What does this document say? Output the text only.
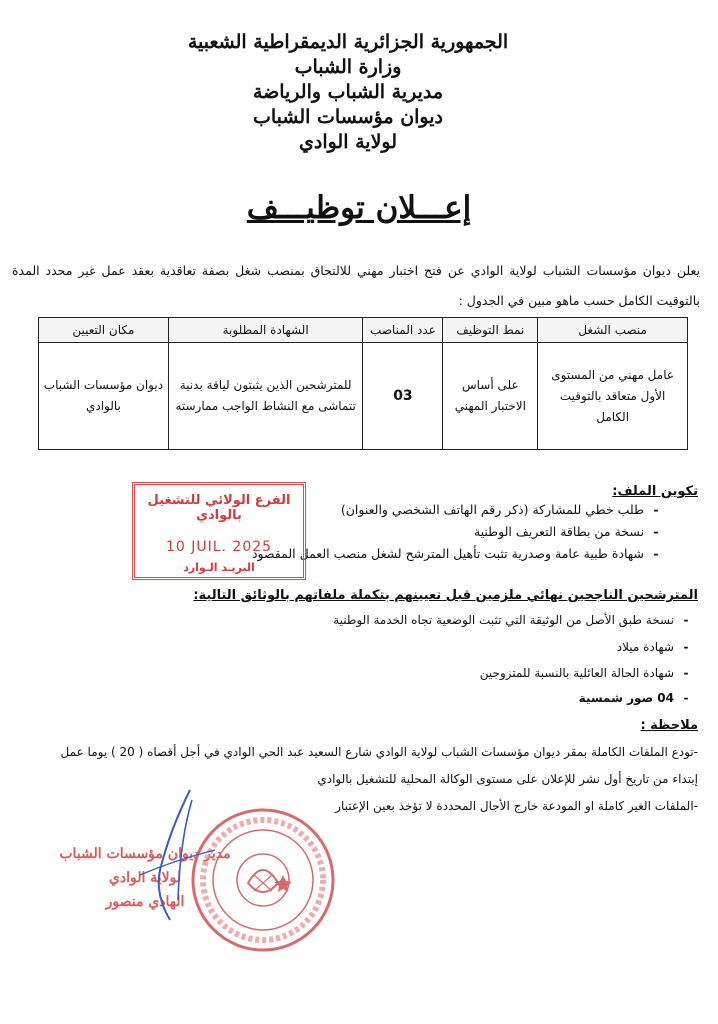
الجمهورية الجزائرية الديمقراطية الشعبية
وزارة الشباب
مديرية الشباب والرياضة
ديوان مؤسسات الشباب
لولاية الوادي
إعـــلان توظيـــف
يعلن ديوان مؤسسات الشباب لولاية الوادي عن فتح اختبار مهني للالتحاق بمنصب شغل بصفة تعاقدية بعقد عمل غير محدد المدة بالتوقيت الكامل حسب ماهو مبين في الجدول :
منصب الشغل	نمط التوظيف	عدد المناصب	الشهادة المطلوبة	مكان التعيين
عامل مهني من المستوى الأول متعاقد بالتوقيت الكامل	على أساس الاختبار المهني	03	للمترشحين الذين يثبتون لياقة بدنية تتماشى مع النشاط الواجب ممارسته	ديوان مؤسسات الشباب بالوادي
تكوين الملف:
-طلب خطي للمشاركة (ذكر رقم الهاتف الشخصي والعنوان)
-نسخة من بطاقة التعريف الوطنية
-شهادة طبية عامة وصدرية تثبت تأهيل المترشح لشغل منصب العمل المقصود
المترشحين الناجحين نهائي ملزمين قبل تعيينهم بتكملة ملفاتهم بالوثائق التالية:
-نسخة طبق الأصل من الوثيقة التي تثبت الوضعية تجاه الخدمة الوطنية
-شهادة ميلاد
-شهادة الحالة العائلية بالنسبة للمتزوجين
-04 صور شمسية
ملاحظة :
-تودع الملفات الكاملة بمقر ديوان مؤسسات الشباب لولاية الوادي شارع السعيد عبد الحي الوادي في أجل أقصاه ( 20 ) يوما عمل
إبتداء من تاريخ أول نشر للإعلان على مستوى الوكالة المحلية للتشغيل بالوادي
-الملفات الغير كاملة او المودعة خارج الأجال المحددة لا تؤخذ بعين الإعتبار
الفرع الولائي للتشغيل بالوادي
10 JUIL. 2025
البريـد الـوارد
مدير ديوان مؤسسات الشباب
لولاية الوادي
الهادي منصور
